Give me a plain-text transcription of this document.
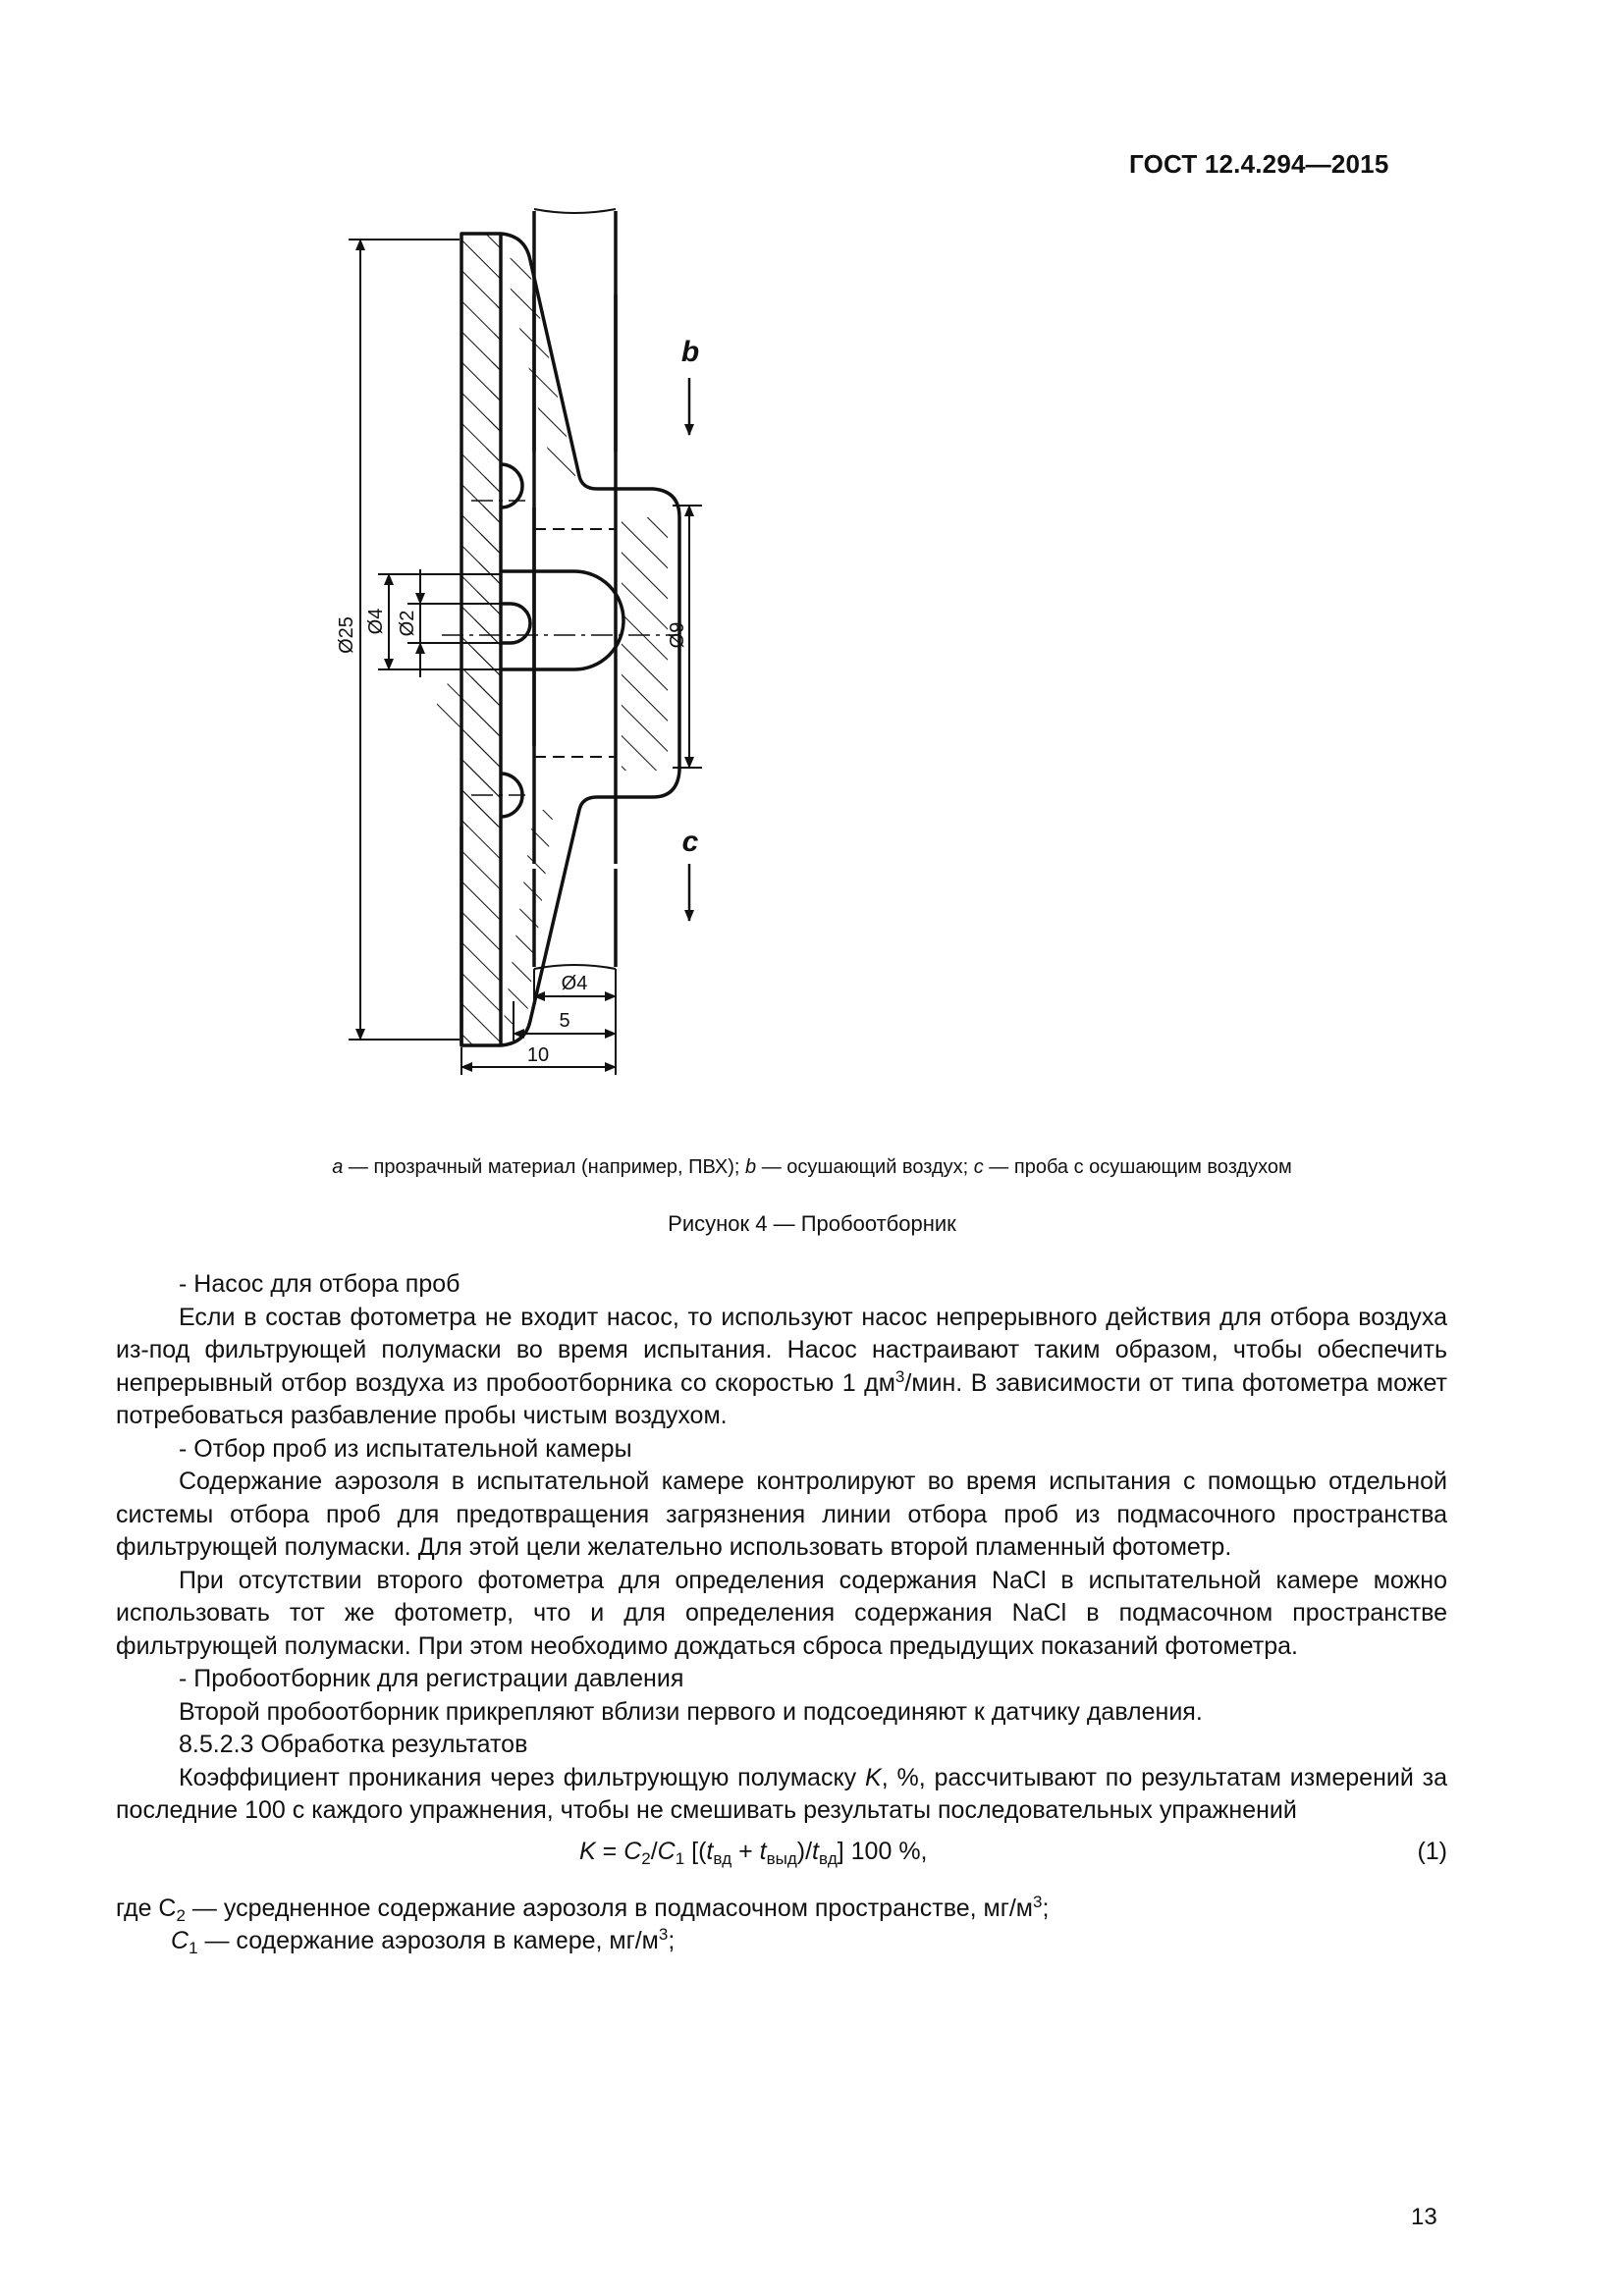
ГОСТ 12.4.294—2015
b
c
Ø25 Ø4 Ø2	Ø9
Ø4
5
10
a — прозрачный материал (например, ПВХ); b — осушающий воздух; c — проба с осушающим воздухом
Рисунок 4 — Пробоотборник

- Насос для отбора проб

Если в состав фотометра не входит насос, то используют насос непрерывного действия для отбора воздуха из-под фильтрующей полумаски во время испытания. Насос настраивают таким образом, чтобы обеспечить непрерывный отбор воздуха из пробоотборника со скоростью 1 $дм^3$/мин. В зависимости от типа фотометра может потребоваться разбавление пробы чистым воздухом.

- Отбор проб из испытательной камеры

Содержание аэрозоля в испытательной камере контролируют во время испытания с помощью отдельной системы отбора проб для предотвращения загрязнения линии отбора проб из подмасочного пространства фильтрующей полумаски. Для этой цели желательно использовать второй пламенный фотометр.

При отсутствии второго фотометра для определения содержания NaCl в испытательной камере можно использовать тот же фотометр, что и для определения содержания NaCl в подмасочном пространстве фильтрующей полумаски. При этом необходимо дождаться сброса предыдущих показаний фотометра.

- Пробоотборник для регистрации давления

Второй пробоотборник прикрепляют вблизи первого и подсоединяют к датчику давления.

8.5.2.3 Обработка результатов

Коэффициент проникания через фильтрующую полумаску K, %, рассчитывают по результатам измерений за последние 100 с каждого упражнения, чтобы не смешивать результаты последовательных упражнений

$K = C_2/C_1$ $[(t_{вд} + t_{выд})/t_{вд}]$ 100 %,	(1)
где $C_2$ — усредненное содержание аэрозоля в подмасочном пространстве, $мг/м^3$;
$C_1$ — содержание аэрозоля в камере, $мг/м^3$;
13
